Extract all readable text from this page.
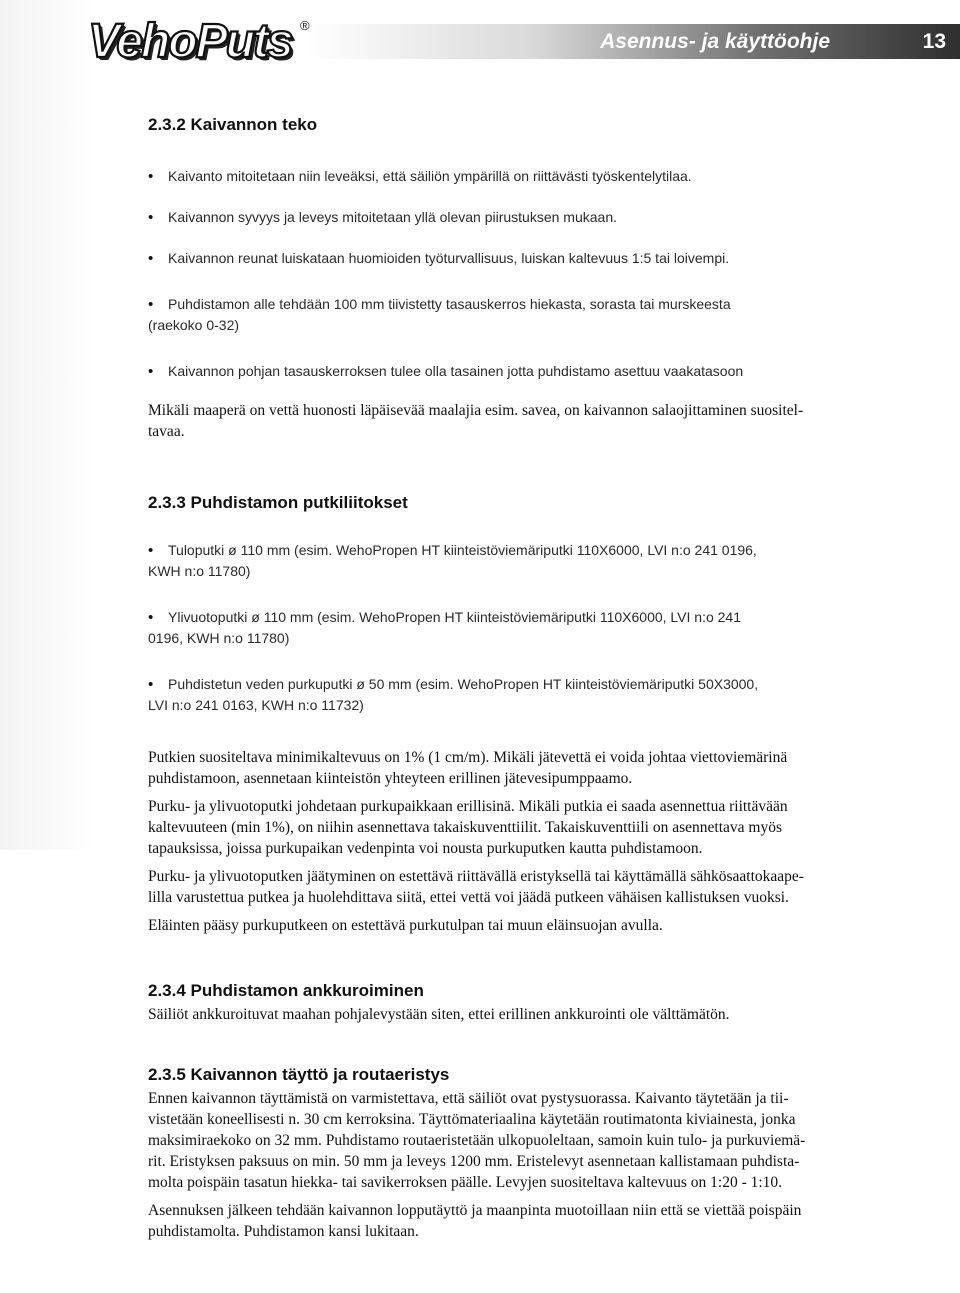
VehoPuts ®
Asennus- ja käyttöohje	13
2.3.2 Kaivannon teko
• Kaivanto mitoitetaan niin leveäksi, että säiliön ympärillä on riittävästi työskentelytilaa.
• Kaivannon syvyys ja leveys mitoitetaan yllä olevan piirustuksen mukaan.
• Kaivannon reunat luiskataan huomioiden työturvallisuus, luiskan kaltevuus 1:5 tai loivempi.
• Puhdistamon alle tehdään 100 mm tiivistetty tasauskerros hiekasta, sorasta tai murskeesta
(raekoko 0-32)
• Kaivannon pohjan tasauskerroksen tulee olla tasainen jotta puhdistamo asettuu vaakatasoon

Mikäli maaperä on vettä huonosti läpäisevää maalajia esim. savea, on kaivannon salaojittaminen suositel-
tavaa.

2.3.3 Puhdistamon putkiliitokset
• Tuloputki ø 110 mm (esim. WehoPropen HT kiinteistöviemäriputki 110X6000, LVI n:o 241 0196,
KWH n:o 11780)
• Ylivuotoputki ø 110 mm (esim. WehoPropen HT kiinteistöviemäriputki 110X6000, LVI n:o 241
0196, KWH n:o 11780)
• Puhdistetun veden purkuputki ø 50 mm (esim. WehoPropen HT kiinteistöviemäriputki 50X3000,
LVI n:o 241 0163, KWH n:o 11732)

Putkien suositeltava minimikaltevuus on 1% (1 cm/m). Mikäli jätevettä ei voida johtaa viettoviemärinä
puhdistamoon, asennetaan kiinteistön yhteyteen erillinen jätevesipumppaamo.

Purku- ja ylivuotoputki johdetaan purkupaikkaan erillisinä. Mikäli putkia ei saada asennettua riittävään
kaltevuuteen (min 1%), on niihin asennettava takaiskuventtiilit. Takaiskuventtiili on asennettava myös
tapauksissa, joissa purkupaikan vedenpinta voi nousta purkuputken kautta puhdistamoon.

Purku- ja ylivuotoputken jäätyminen on estettävä riittävällä eristyksellä tai käyttämällä sähkösaattokaape-
lilla varustettua putkea ja huolehdittava siitä, ettei vettä voi jäädä putkeen vähäisen kallistuksen vuoksi.

Eläinten pääsy purkuputkeen on estettävä purkutulpan tai muun eläinsuojan avulla.

2.3.4 Puhdistamon ankkuroiminen

Säiliöt ankkuroituvat maahan pohjalevystään siten, ettei erillinen ankkurointi ole välttämätön.

2.3.5 Kaivannon täyttö ja routaeristys

Ennen kaivannon täyttämistä on varmistettava, että säiliöt ovat pystysuorassa. Kaivanto täytetään ja tii-
vistetään koneellisesti n. 30 cm kerroksina. Täyttömateriaalina käytetään routimatonta kiviainesta, jonka
maksimiraekoko on 32 mm. Puhdistamo routaeristetään ulkopuoleltaan, samoin kuin tulo- ja purkuviemä-
rit. Eristyksen paksuus on min. 50 mm ja leveys 1200 mm. Eristelevyt asennetaan kallistamaan puhdista-
molta poispäin tasatun hiekka- tai savikerroksen päälle. Levyjen suositeltava kaltevuus on 1:20 - 1:10.

Asennuksen jälkeen tehdään kaivannon lopputäyttö ja maanpinta muotoillaan niin että se viettää poispäin
puhdistamolta. Puhdistamon kansi lukitaan.
